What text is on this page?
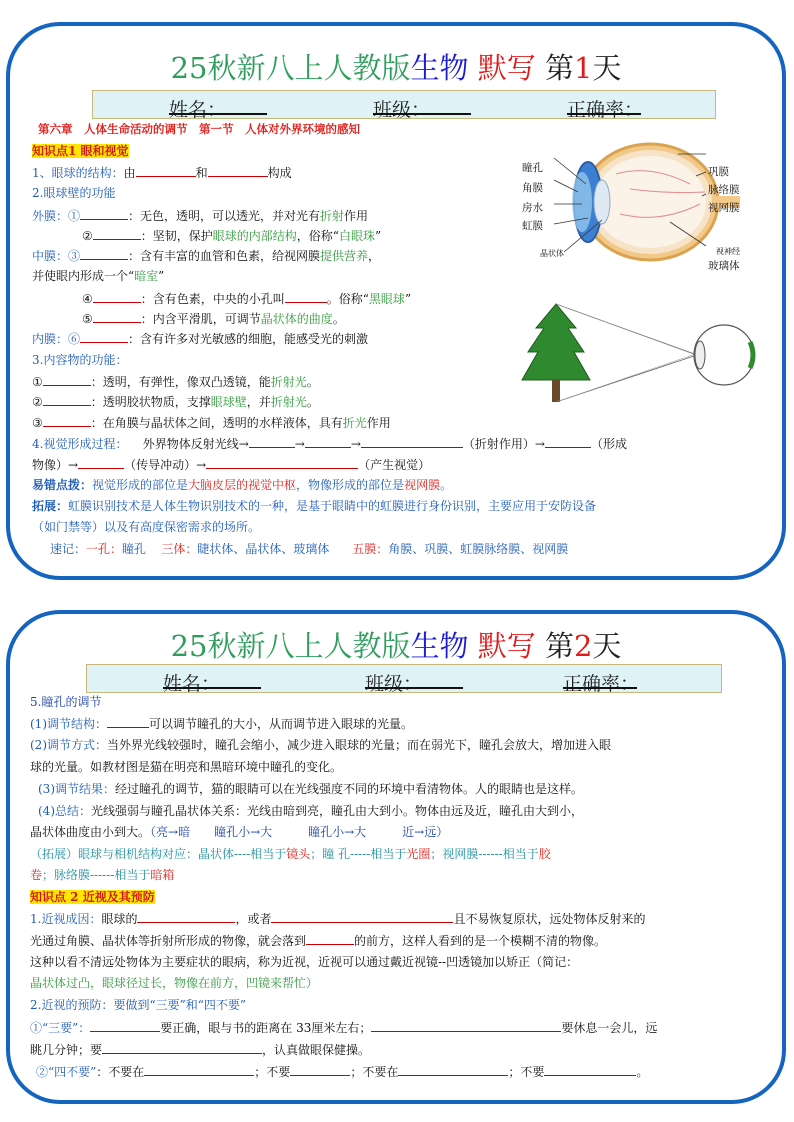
25秋新八上人教版生物 默写 第1天
姓名：	班级：	正确率：
第六章　人体生命活动的调节　第一节　人体对外界环境的感知
知识点1 眼和视觉
1、眼球的结构：由	和	构成
2.眼球壁的功能
外膜：①	：无色，透明，可以透光，并对光有折射作用
②	：坚韧，保护眼球的内部结构，俗称“白眼珠”
中膜：③	：含有丰富的血管和色素，给视网膜提供营养，
并使眼内形成一个“暗室”
④	：含有色素，中央的小孔叫	。俗称“黑眼球”
⑤	：内含平滑肌，可调节晶状体的曲度。
内膜：⑥	：含有许多对光敏感的细胞，能感受光的刺激
3.内容物的功能：
①	：透明，有弹性，像双凸透镜，能折射光。
②	：透明胶状物质，支撑眼球壁，并折射光。
③	：在角膜与晶状体之间，透明的水样液体，具有折光作用
4.视觉形成过程： 外界物体反射光线→	→	→	（折射作用）→	（形成
物像）→	（传导冲动）→	（产生视觉）
易错点拨：视觉形成的部位是大脑皮层的视觉中枢，物像形成的部位是视网膜。
拓展：虹膜识别技术是人体生物识别技术的一种，是基于眼睛中的虹膜进行身份识别，主要应用于安防设备
（如门禁等）以及有高度保密需求的场所。
速记：一孔：瞳孔 三体：睫状体、晶状体、玻璃体 五膜：角膜、巩膜、虹膜脉络膜、视网膜
瞳孔
角膜
房水
虹膜
晶状体
巩膜
脉络膜
视网膜
视神经
玻璃体
25秋新八上人教版生物 默写 第2天
姓名：	班级：	正确率：
5.瞳孔的调节
(1)调节结构：	可以调节瞳孔的大小，从而调节进入眼球的光量。
(2)调节方式：当外界光线较强时，瞳孔会缩小，减少进入眼球的光量；而在弱光下，瞳孔会放大，增加进入眼
球的光量。如教材图是猫在明亮和黑暗环境中瞳孔的变化。
(3)调节结果：经过瞳孔的调节，猫的眼睛可以在光线强度不同的环境中看清物体。人的眼睛也是这样。
(4)总结：光线强弱与瞳孔晶状体关系：光线由暗到亮，瞳孔由大到小。物体由远及近，瞳孔由大到小，
晶状体曲度由小到大。（亮→暗　　瞳孔小→大　　　瞳孔小→大　　　近→远）
（拓展）眼球与相机结构对应：晶状体----相当于镜头；瞳 孔-----相当于光圈；视网膜------相当于胶
卷；脉络膜------相当于暗箱
知识点 2 近视及其预防
1.近视成因：眼球的	，或者	且不易恢复原状，远处物体反射来的
光通过角膜、晶状体等折射所形成的物像，就会落到	的前方，这样人看到的是一个模糊不清的物像。
这种以看不清远处物体为主要症状的眼病，称为近视，近视可以通过戴近视镜--凹透镜加以矫正（简记：
晶状体过凸，眼球径过长，物像在前方，凹镜来帮忙）
2.近视的预防：要做到“三要”和“四不要”
①“三要”：	要正确，眼与书的距离在 33厘米左右；	要休息一会儿，远
眺几分钟；要	，认真做眼保健操。
②“四不要”：不要在	；不要	；不要在	；不要	。
